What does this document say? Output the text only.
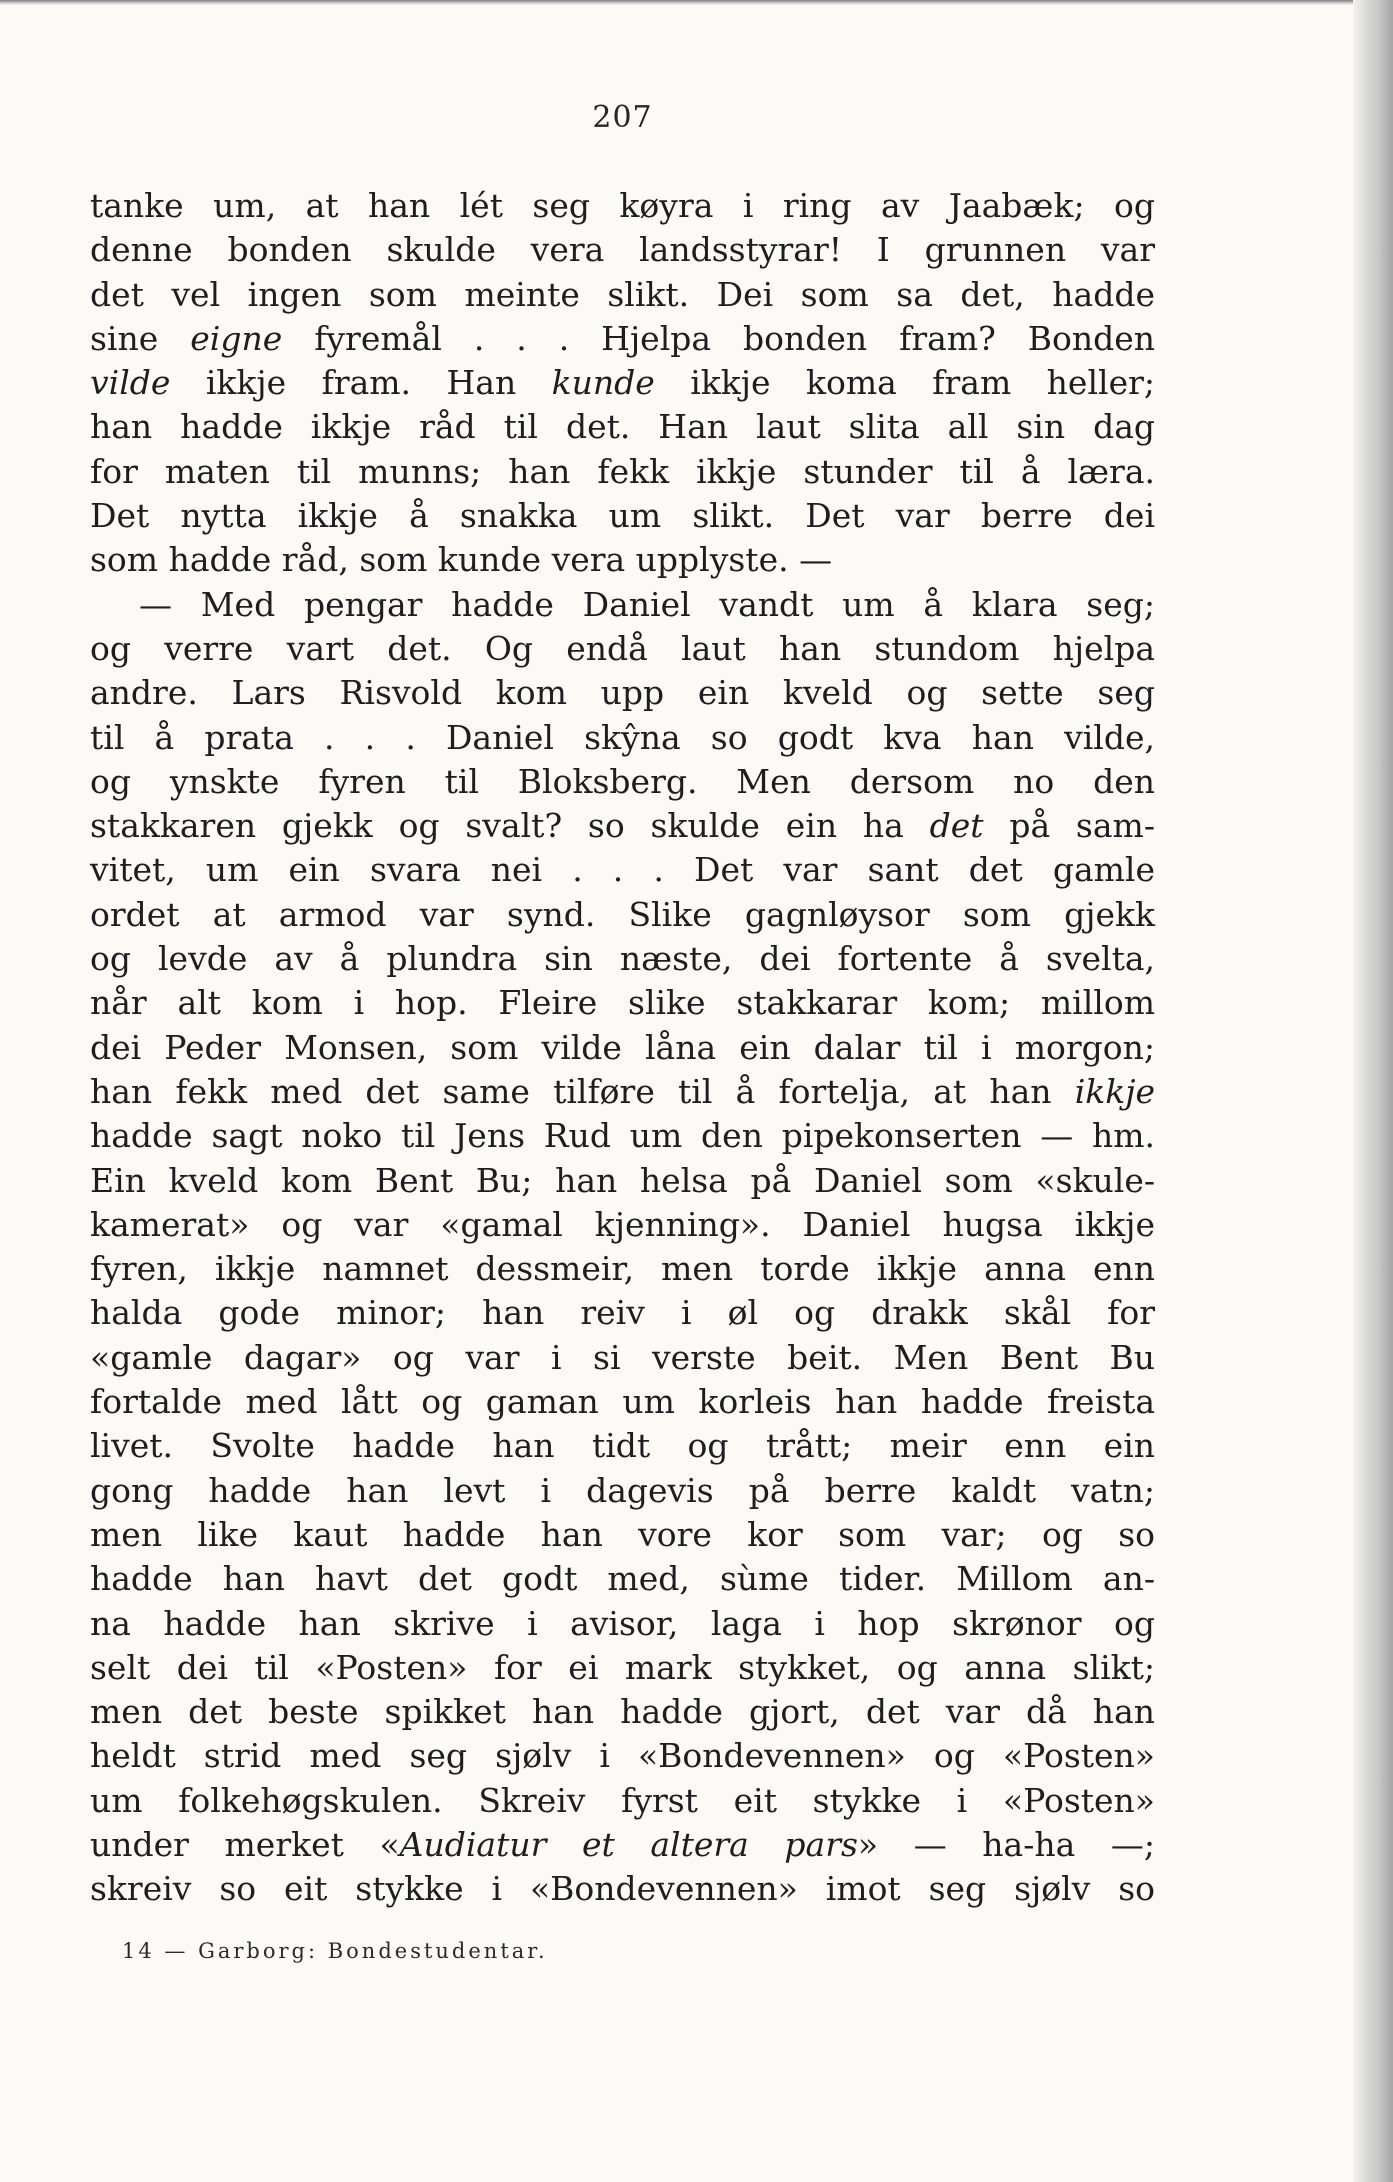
207
tanke um, at han lét seg køyra i ring av Jaabæk; og
denne bonden skulde vera landsstyrar! I grunnen var
det vel ingen som meinte slikt. Dei som sa det, hadde
sine eigne fyremål . . . Hjelpa bonden fram? Bonden
vilde ikkje fram. Han kunde ikkje koma fram heller;
han hadde ikkje råd til det. Han laut slita all sin dag
for maten til munns; han fekk ikkje stunder til å læra.
Det nytta ikkje å snakka um slikt. Det var berre dei
som hadde råd, som kunde vera upplyste. —
— Med pengar hadde Daniel vandt um å klara seg;
og verre vart det. Og endå laut han stundom hjelpa
andre. Lars Risvold kom upp ein kveld og sette seg
til å prata . . . Daniel skŷna so godt kva han vilde,
og ynskte fyren til Bloksberg. Men dersom no den
stakkaren gjekk og svalt? so skulde ein ha det på sam-
vitet, um ein svara nei . . . Det var sant det gamle
ordet at armod var synd. Slike gagnløysor som gjekk
og levde av å plundra sin næste, dei fortente å svelta,
når alt kom i hop. Fleire slike stakkarar kom; millom
dei Peder Monsen, som vilde låna ein dalar til i morgon;
han fekk med det same tilføre til å fortelja, at han ikkje
hadde sagt noko til Jens Rud um den pipekonserten — hm.
Ein kveld kom Bent Bu; han helsa på Daniel som «skule-
kamerat» og var «gamal kjenning». Daniel hugsa ikkje
fyren, ikkje namnet dessmeir, men torde ikkje anna enn
halda gode minor; han reiv i øl og drakk skål for
«gamle dagar» og var i si verste beit. Men Bent Bu
fortalde med lått og gaman um korleis han hadde freista
livet. Svolte hadde han tidt og trått; meir enn ein
gong hadde han levt i dagevis på berre kaldt vatn;
men like kaut hadde han vore kor som var; og so
hadde han havt det godt med, sùme tider. Millom an-
na hadde han skrive i avisor, laga i hop skrønor og
selt dei til «Posten» for ei mark stykket, og anna slikt;
men det beste spikket han hadde gjort, det var då han
heldt strid med seg sjølv i «Bondevennen» og «Posten»
um folkehøgskulen. Skreiv fyrst eit stykke i «Posten»
under merket «Audiatur et altera pars» — ha-ha —;
skreiv so eit stykke i «Bondevennen» imot seg sjølv so
14 — Garborg: Bondestudentar.
